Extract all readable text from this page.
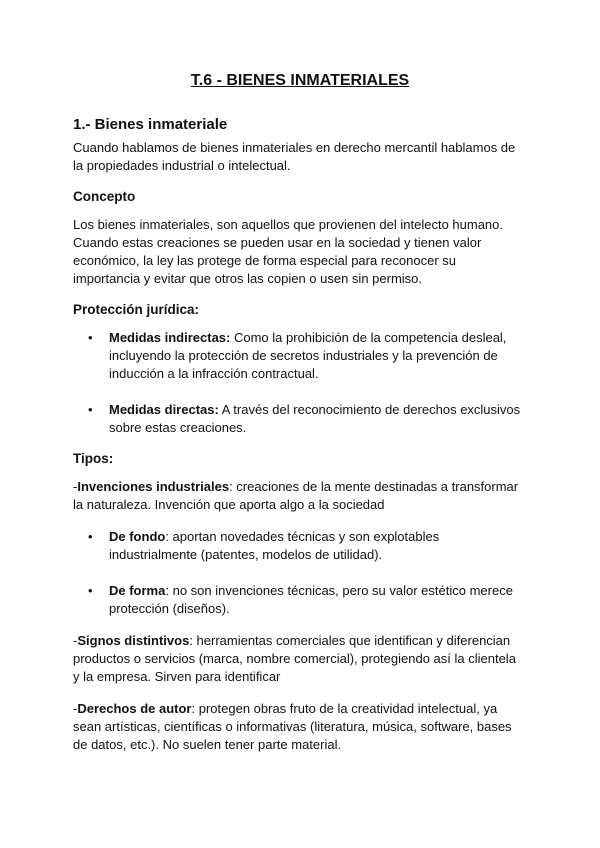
T.6 - BIENES INMATERIALES
1.- Bienes inmateriale

Cuando hablamos de bienes inmateriales en derecho mercantil hablamos de la propiedades industrial o intelectual.

Concepto

Los bienes inmateriales, son aquellos que provienen del intelecto humano. Cuando estas creaciones se pueden usar en la sociedad y tienen valor económico, la ley las protege de forma especial para reconocer su importancia y evitar que otros las copien o usen sin permiso.

Protección jurídica:
• Medidas indirectas: Como la prohibición de la competencia desleal, incluyendo la protección de secretos industriales y la prevención de inducción a la infracción contractual.
• Medidas directas: A través del reconocimiento de derechos exclusivos sobre estas creaciones.
Tipos:

-Invenciones industriales: creaciones de la mente destinadas a transformar la naturaleza. Invención que aporta algo a la sociedad

• De fondo: aportan novedades técnicas y son explotables industrialmente (patentes, modelos de utilidad).
• De forma: no son invenciones técnicas, pero su valor estético merece protección (diseños).

-Signos distintivos: herramientas comerciales que identifican y diferencian productos o servicios (marca, nombre comercial), protegiendo así la clientela y la empresa. Sirven para identificar

-Derechos de autor: protegen obras fruto de la creatividad intelectual, ya sean artísticas, científicas o informativas (literatura, música, software, bases de datos, etc.). No suelen tener parte material.
